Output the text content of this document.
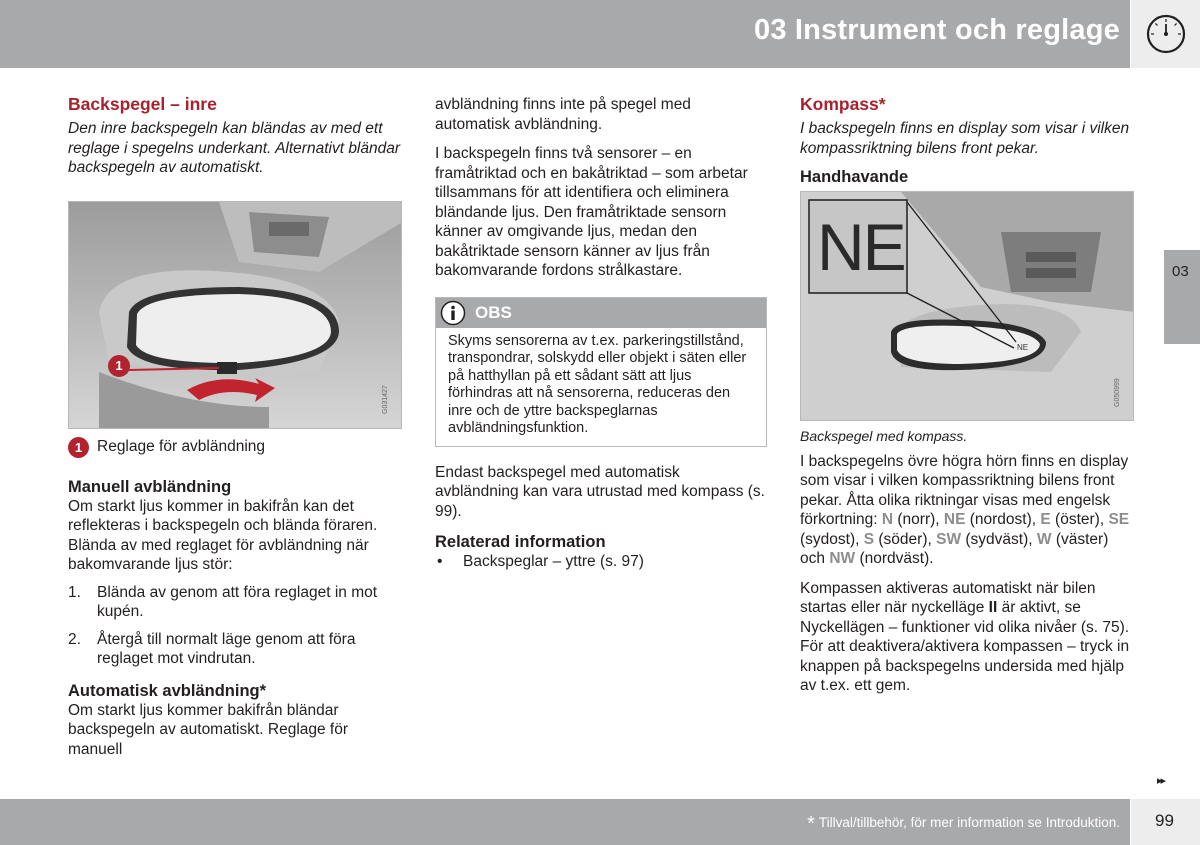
03 Instrument och reglage
03
Backspegel – inre
Den inre backspegeln kan bländas av med ett reglage i spegelns underkant. Alternativt bländar backspegeln av automatiskt.
1
G031427
1 Reglage för avbländning
Manuell avbländning
Om starkt ljus kommer in bakifrån kan det reflekteras i backspegeln och blända föraren. Blända av med reglaget för avbländning när bakomvarande ljus stör:
1. Blända av genom att föra reglaget in mot kupén.
2. Återgå till normalt läge genom att föra reglaget mot vindrutan.
Automatisk avbländning*
Om starkt ljus kommer bakifrån bländar backspegeln av automatiskt. Reglage för manuell
avbländning finns inte på spegel med automatisk avbländning.
I backspegeln finns två sensorer – en framåtriktad och en bakåtriktad – som arbetar tillsammans för att identifiera och eliminera bländande ljus. Den framåtriktade sensorn känner av omgivande ljus, medan den bakåtriktade sensorn känner av ljus från bakomvarande fordons strålkastare.
OBS
Skyms sensorerna av t.ex. parkeringstillstånd, transpondrar, solskydd eller objekt i säten eller på hatthyllan på ett sådant sätt att ljus förhindras att nå sensorerna, reduceras den inre och de yttre backspeglarnas avbländningsfunktion.
Endast backspegel med automatisk avbländning kan vara utrustad med kompass (s. 99).
Relaterad information
• Backspeglar – yttre (s. 97)
Kompass*
I backspegeln finns en display som visar i vilken kompassriktning bilens front pekar.
Handhavande
NE
NE
G050999
Backspegel med kompass.
I backspegelns övre högra hörn finns en display som visar i vilken kompassriktning bilens front pekar. Åtta olika riktningar visas med engelsk förkortning: N (norr), NE (nordost), E (öster), SE (sydost), S (söder), SW (sydväst), W (väster) och NW (nordväst).
Kompassen aktiveras automatiskt när bilen startas eller när nyckelläge II är aktivt, se Nyckellägen – funktioner vid olika nivåer (s. 75). För att deaktivera/aktivera kompassen – tryck in knappen på backspegelns undersida med hjälp av t.ex. ett gem.
▸▸
* Tillval/tillbehör, för mer information se Introduktion. 99
